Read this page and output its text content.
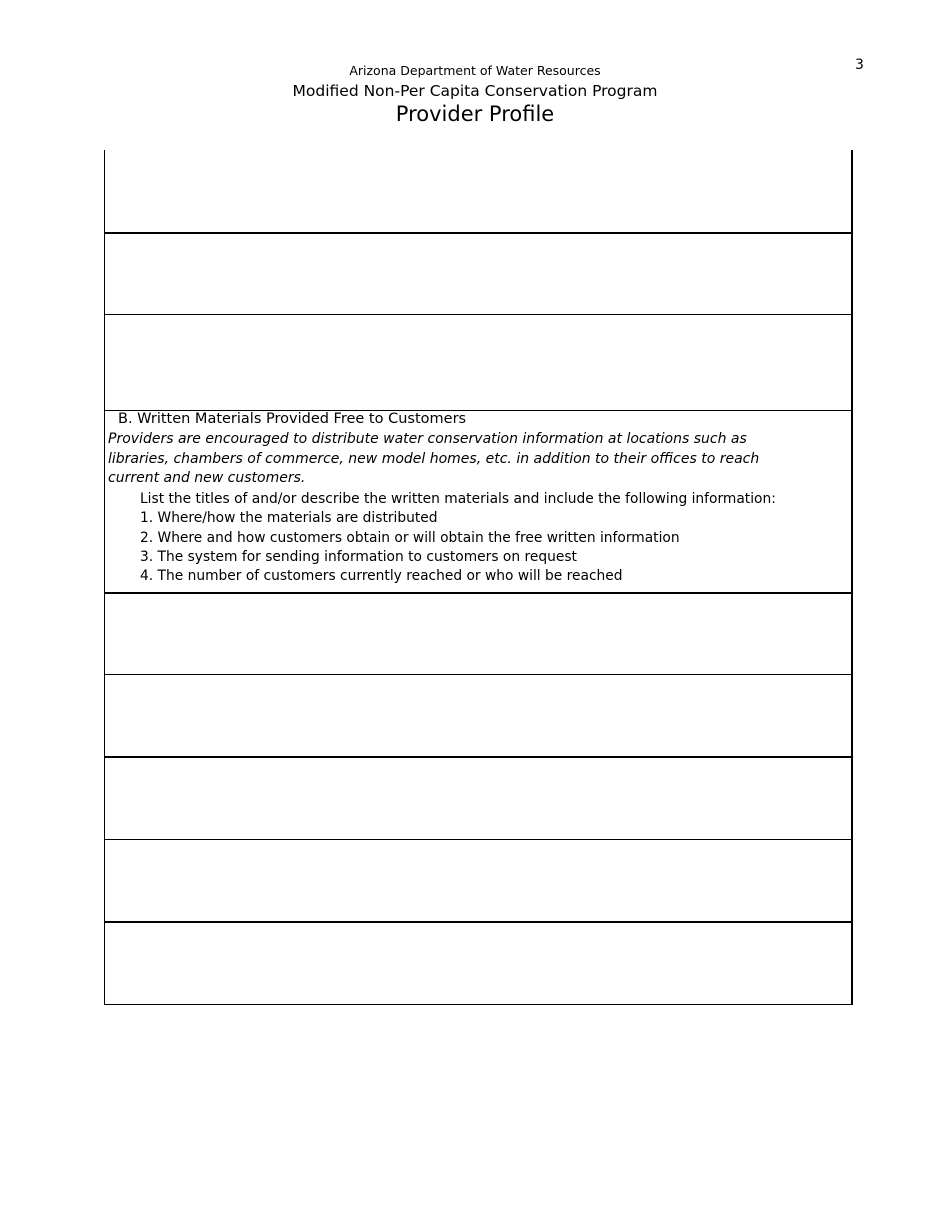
3
Arizona Department of Water Resources
Modified Non-Per Capita Conservation Program
Provider Profile
B. Written Materials Provided Free to Customers
Providers are encouraged to distribute water conservation information at locations such as libraries, chambers of commerce, new model homes, etc. in addition to their offices to reach current and new customers.
List the titles of and/or describe the written materials and include the following information:
1. Where/how the materials are distributed
2. Where and how customers obtain or will obtain the free written information
3. The system for sending information to customers on request
4. The number of customers currently reached or who will be reached
